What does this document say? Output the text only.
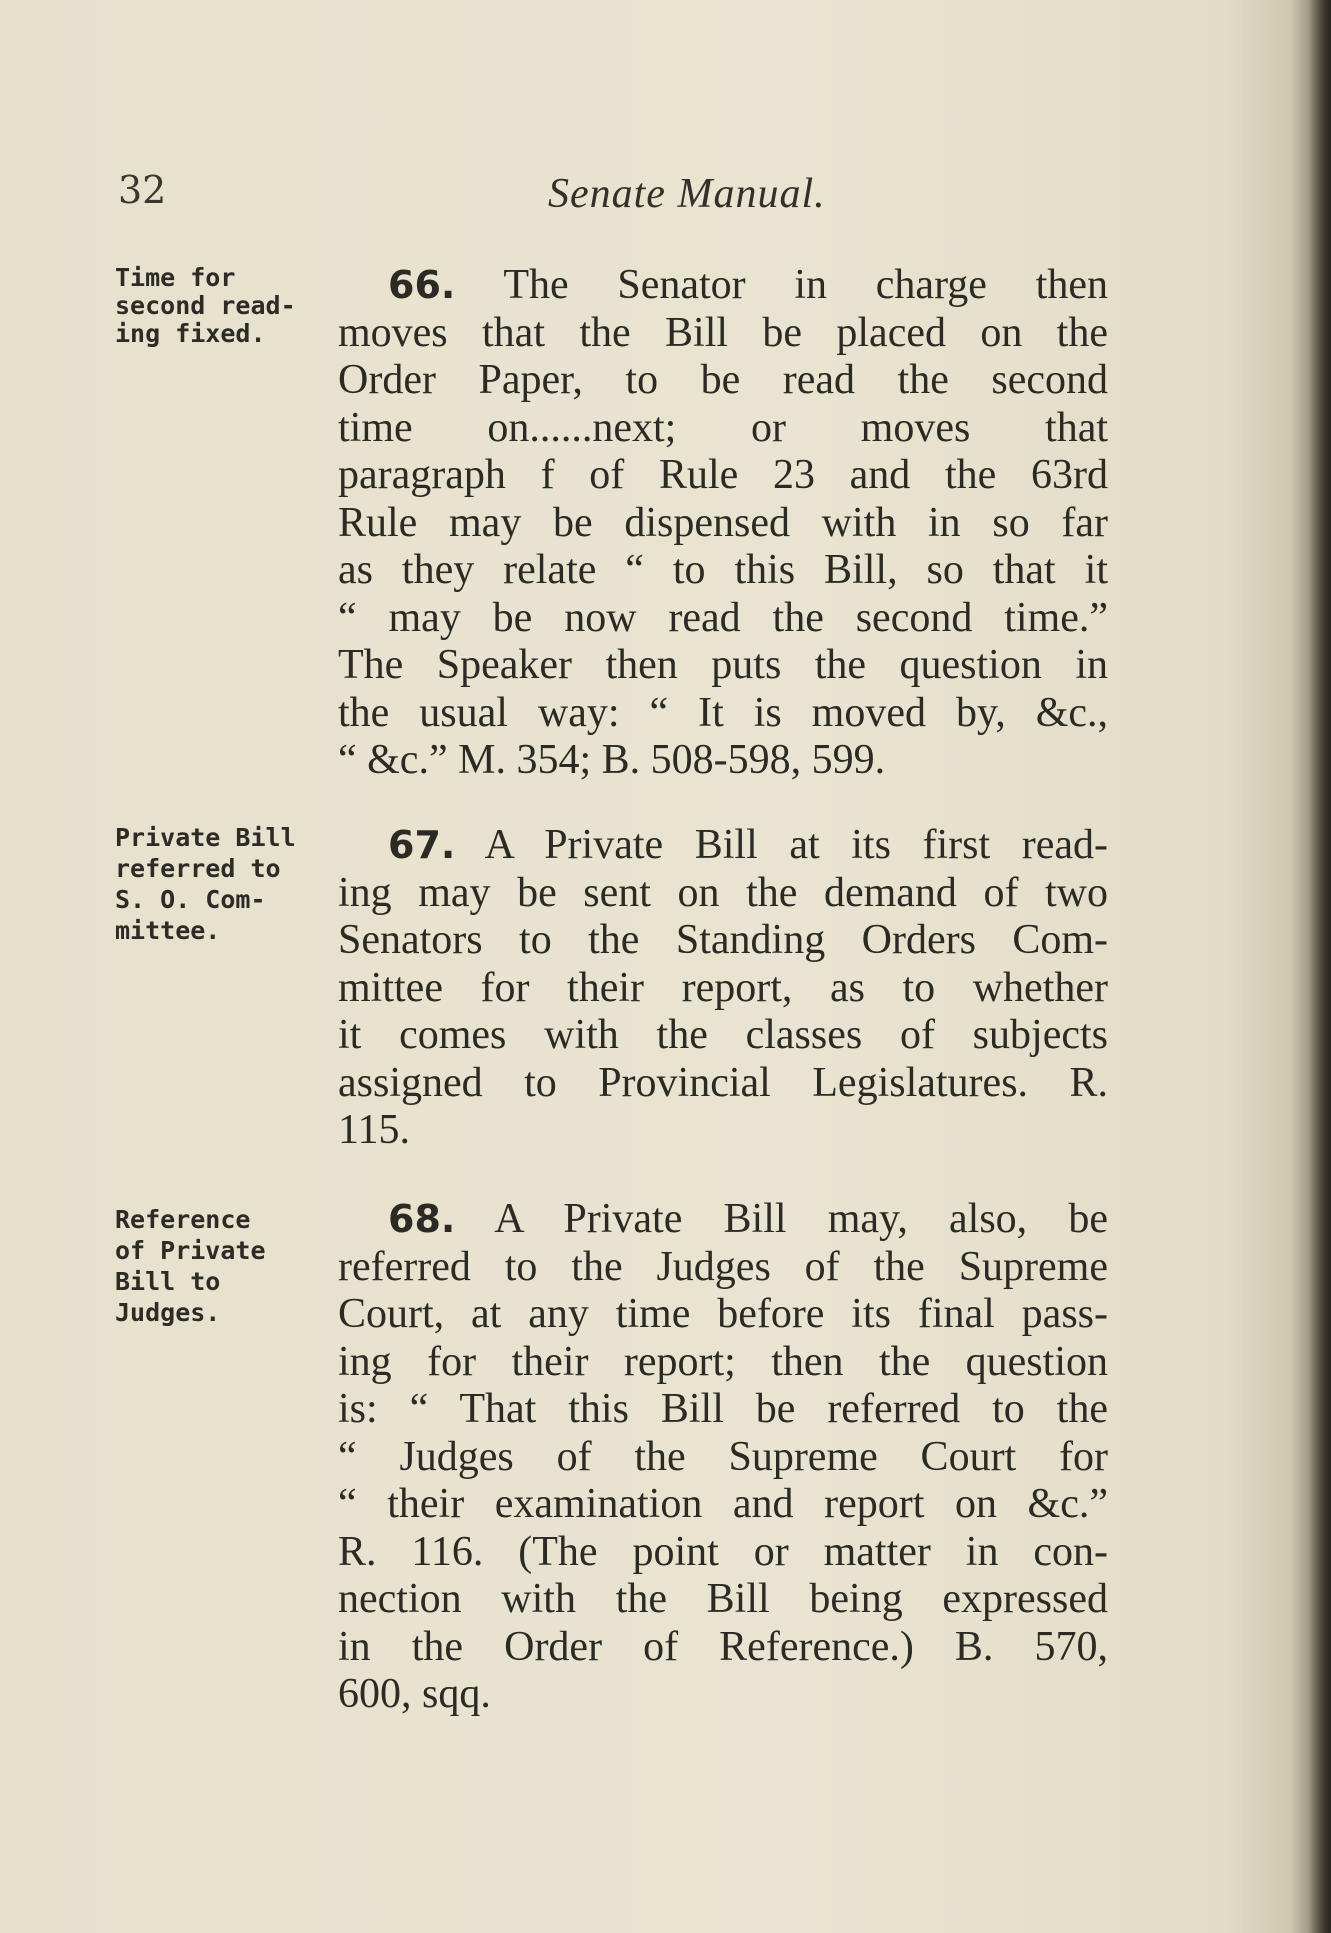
32	Senate Manual.
Time for
second read-
ing fixed.
66. The Senator in charge then
moves that the Bill be placed on the
Order Paper, to be read the second
time on......next; or moves that
paragraph f of Rule 23 and the 63rd
Rule may be dispensed with in so far
as they relate “ to this Bill, so that it
“ may be now read the second time.”
The Speaker then puts the question in
the usual way: “ It is moved by, &c.,
“ &c.” M. 354; B. 508-598, 599.
Private Bill
referred to
S. O. Com-
mittee.
67. A Private Bill at its first read-
ing may be sent on the demand of two
Senators to the Standing Orders Com-
mittee for their report, as to whether
it comes with the classes of subjects
assigned to Provincial Legislatures. R.
115.
Reference
of Private
Bill to
Judges.
68. A Private Bill may, also, be
referred to the Judges of the Supreme
Court, at any time before its final pass-
ing for their report; then the question
is: “ That this Bill be referred to the
“ Judges of the Supreme Court for
“ their examination and report on &c.”
R. 116. (The point or matter in con-
nection with the Bill being expressed
in the Order of Reference.) B. 570,
600, sqq.
